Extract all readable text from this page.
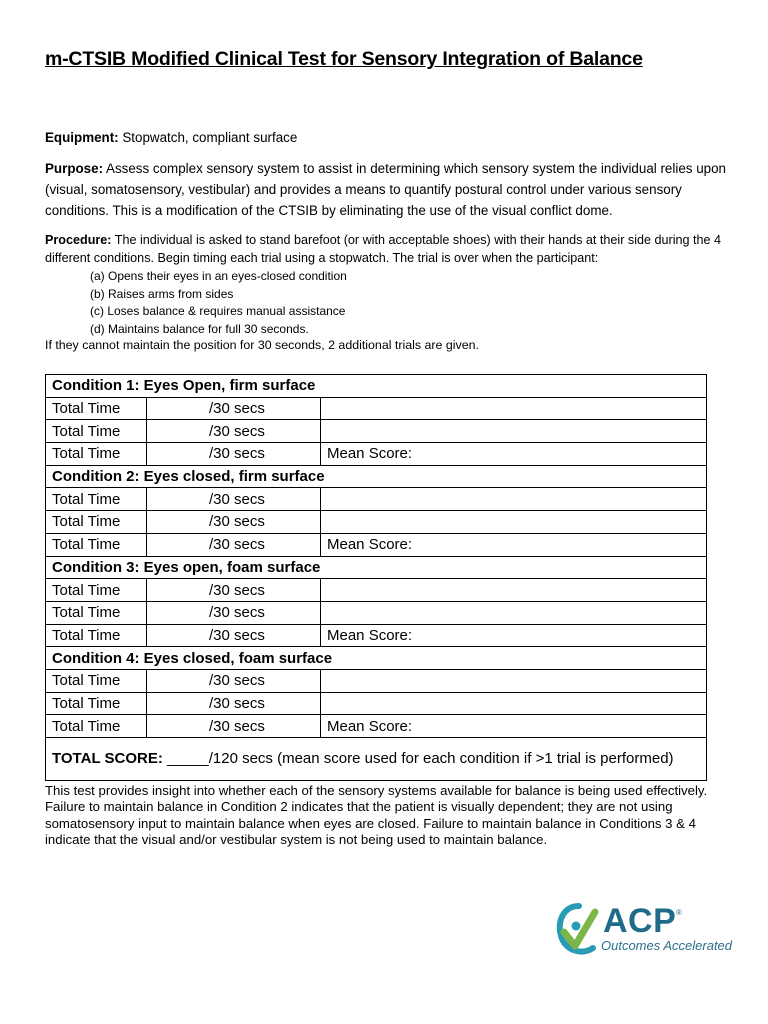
m-CTSIB Modified Clinical Test for Sensory Integration of Balance
Equipment: Stopwatch, compliant surface
Purpose: Assess complex sensory system to assist in determining which sensory system the individual relies upon (visual, somatosensory, vestibular) and provides a means to quantify postural control under various sensory conditions. This is a modification of the CTSIB by eliminating the use of the visual conflict dome.
Procedure: The individual is asked to stand barefoot (or with acceptable shoes) with their hands at their side during the 4 different conditions. Begin timing each trial using a stopwatch. The trial is over when the participant:
(a) Opens their eyes in an eyes-closed condition
(b) Raises arms from sides
(c) Loses balance & requires manual assistance
(d) Maintains balance for full 30 seconds.
If they cannot maintain the position for 30 seconds, 2 additional trials are given.
Condition 1: Eyes Open, firm surface		
Total Time	/30 secs	
Total Time	/30 secs	
Total Time	/30 secs	Mean Score:
Condition 2: Eyes closed, firm surface		
Total Time	/30 secs	
Total Time	/30 secs	
Total Time	/30 secs	Mean Score:
Condition 3: Eyes open, foam surface		
Total Time	/30 secs	
Total Time	/30 secs	
Total Time	/30 secs	Mean Score:
Condition 4: Eyes closed, foam surface		
Total Time	/30 secs	
Total Time	/30 secs	
Total Time	/30 secs	Mean Score:
TOTAL SCORE: _____/120 secs (mean score used for each condition if >1 trial is performed)		
This test provides insight into whether each of the sensory systems available for balance is being used effectively. Failure to maintain balance in Condition 2 indicates that the patient is visually dependent; they are not using somatosensory input to maintain balance when eyes are closed. Failure to maintain balance in Conditions 3 & 4 indicate that the visual and/or vestibular system is not being used to maintain balance.
ACP ®
Outcomes Accelerated
